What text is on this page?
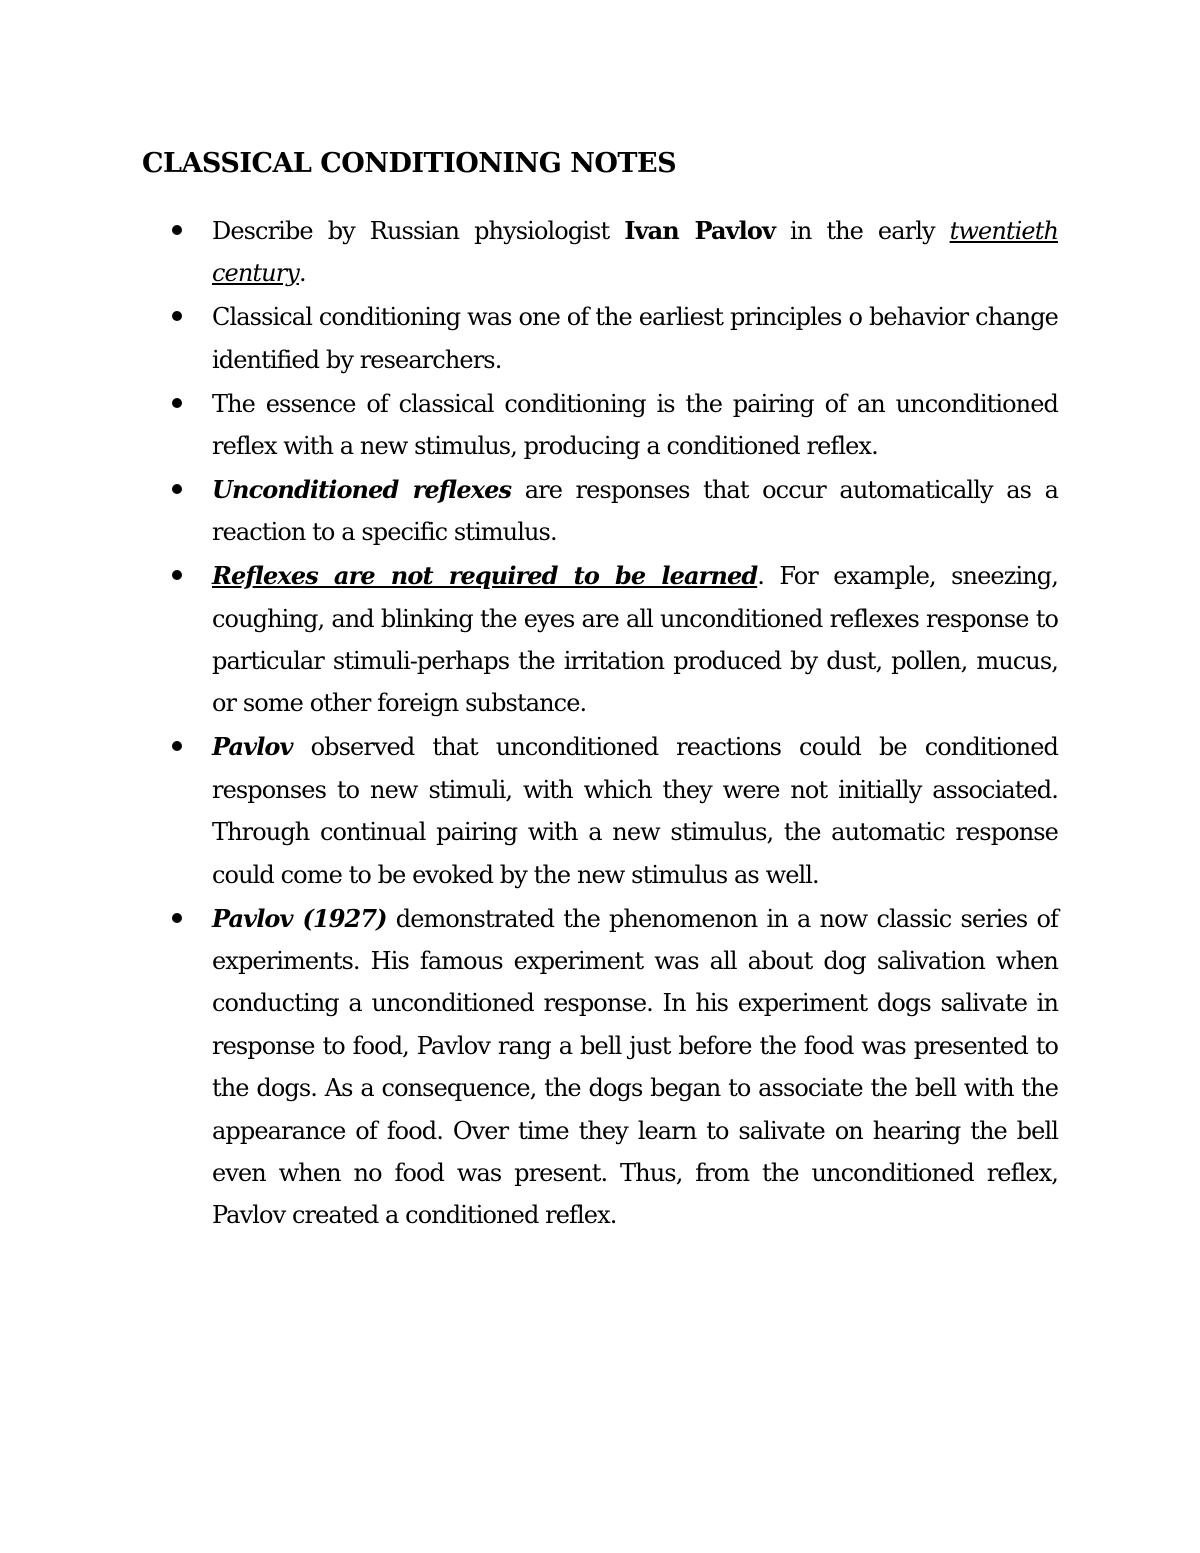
CLASSICAL CONDITIONING NOTES
Describe by Russian physiologist Ivan Pavlov in the early twentieth century.
Classical conditioning was one of the earliest principles o behavior change identified by researchers.
The essence of classical conditioning is the pairing of an unconditioned reflex with a new stimulus, producing a conditioned reflex.
Unconditioned reflexes are responses that occur automatically as a reaction to a specific stimulus.
Reflexes are not required to be learned. For example, sneezing, coughing, and blinking the eyes are all unconditioned reflexes response to particular stimuli-perhaps the irritation produced by dust, pollen, mucus, or some other foreign substance.
Pavlov observed that unconditioned reactions could be conditioned responses to new stimuli, with which they were not initially associated. Through continual pairing with a new stimulus, the automatic response could come to be evoked by the new stimulus as well.
Pavlov (1927) demonstrated the phenomenon in a now classic series of experiments. His famous experiment was all about dog salivation when conducting a unconditioned response. In his experiment dogs salivate in response to food, Pavlov rang a bell just before the food was presented to the dogs. As a consequence, the dogs began to associate the bell with the appearance of food. Over time they learn to salivate on hearing the bell even when no food was present. Thus, from the unconditioned reflex, Pavlov created a conditioned reflex.
